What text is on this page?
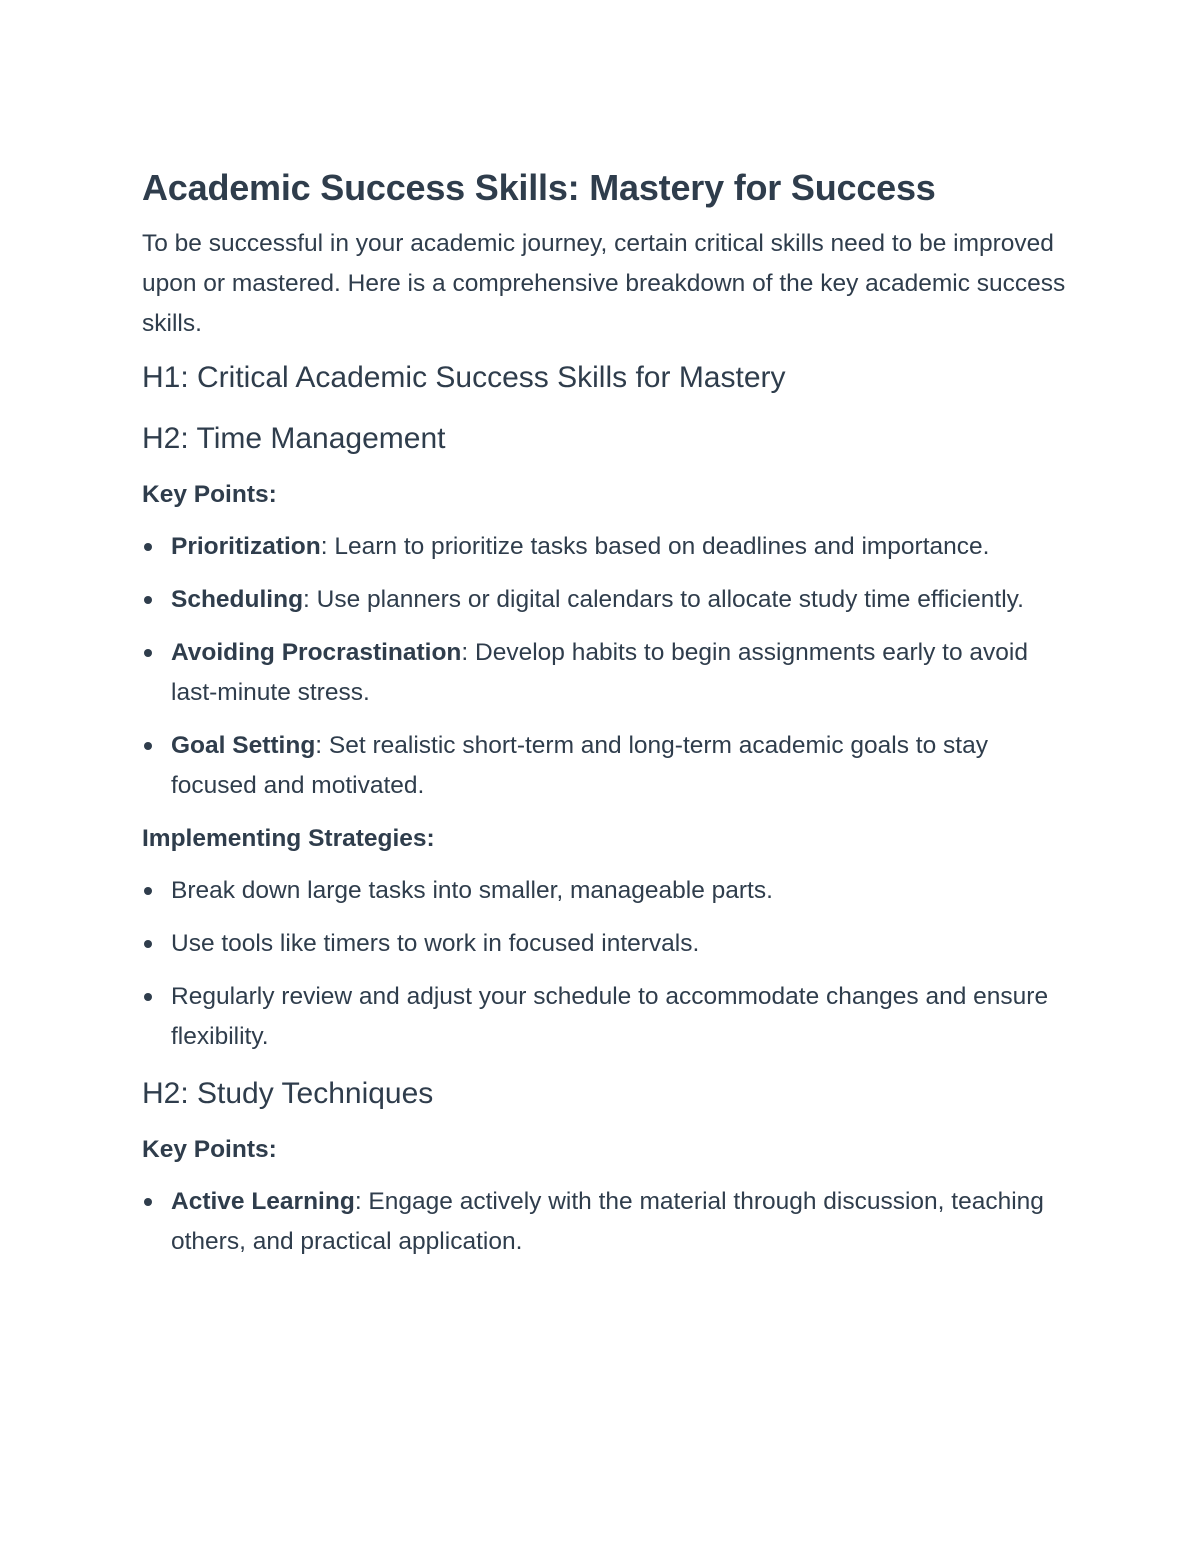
Academic Success Skills: Mastery for Success

To be successful in your academic journey, certain critical skills need to be improved upon or mastered. Here is a comprehensive breakdown of the key academic success skills.

H1: Critical Academic Success Skills for Mastery
H2: Time Management
Key Points:
Prioritization: Learn to prioritize tasks based on deadlines and importance.
Scheduling: Use planners or digital calendars to allocate study time efficiently.
Avoiding Procrastination: Develop habits to begin assignments early to avoid last-minute stress.
Goal Setting: Set realistic short-term and long-term academic goals to stay focused and motivated.
Implementing Strategies:
Break down large tasks into smaller, manageable parts.
Use tools like timers to work in focused intervals.
Regularly review and adjust your schedule to accommodate changes and ensure flexibility.
H2: Study Techniques
Key Points:
Active Learning: Engage actively with the material through discussion, teaching others, and practical application.
